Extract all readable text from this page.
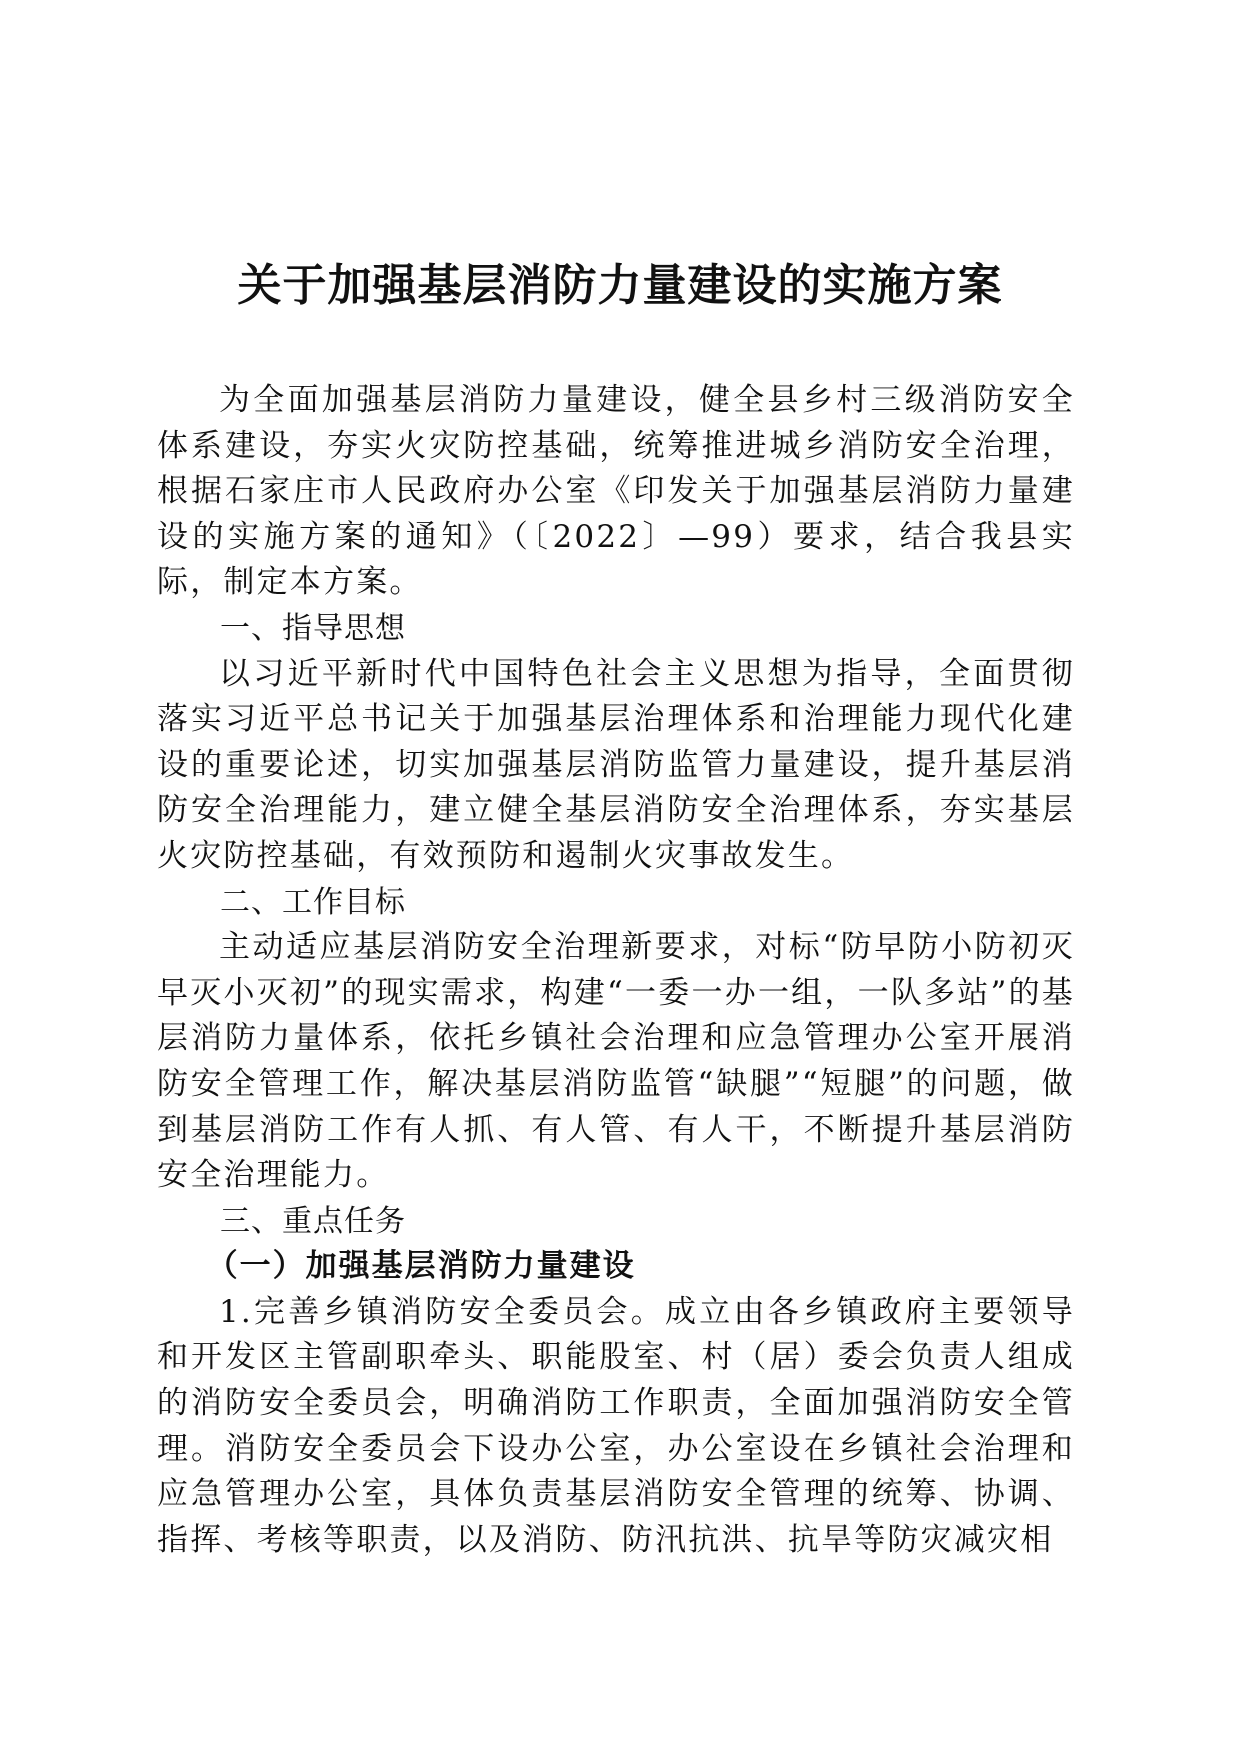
关于加强基层消防力量建设的实施方案

为全面加强基层消防力量建设，健全县乡村三级消防安全体系建设，夯实火灾防控基础，统筹推进城乡消防安全治理，根据石家庄市人民政府办公室《印发关于加强基层消防力量建设的实施方案的通知》（〔2022〕—99）要求，结合我县实际，制定本方案。

一、指导思想

以习近平新时代中国特色社会主义思想为指导，全面贯彻落实习近平总书记关于加强基层治理体系和治理能力现代化建设的重要论述，切实加强基层消防监管力量建设，提升基层消防安全治理能力，建立健全基层消防安全治理体系，夯实基层火灾防控基础，有效预防和遏制火灾事故发生。

二、工作目标

主动适应基层消防安全治理新要求，对标“防早防小防初灭早灭小灭初”的现实需求，构建“一委一办一组，一队多站”的基层消防力量体系，依托乡镇社会治理和应急管理办公室开展消防安全管理工作，解决基层消防监管“缺腿”“短腿”的问题，做到基层消防工作有人抓、有人管、有人干，不断提升基层消防安全治理能力。

三、重点任务
（一）加强基层消防力量建设

1.完善乡镇消防安全委员会。成立由各乡镇政府主要领导和开发区主管副职牵头、职能股室、村（居）委会负责人组成的消防安全委员会，明确消防工作职责，全面加强消防安全管理。消防安全委员会下设办公室，办公室设在乡镇社会治理和应急管理办公室，具体负责基层消防安全管理的统筹、协调、指挥、考核等职责，以及消防、防汛抗洪、抗旱等防灾减灾相
